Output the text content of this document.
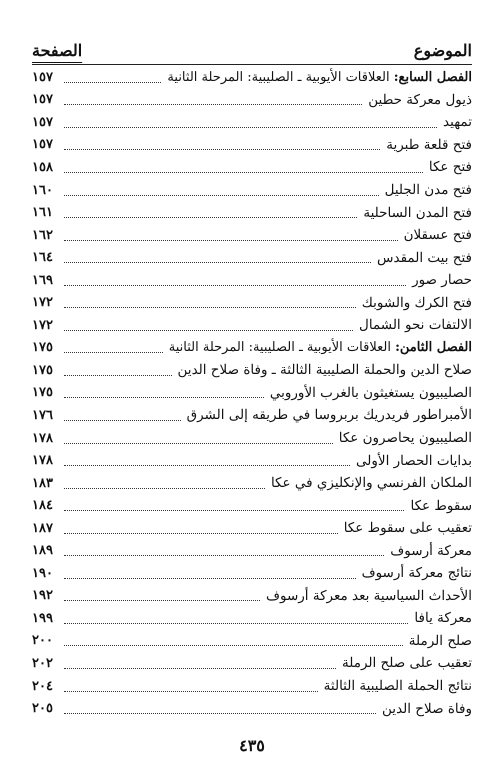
الموضوع
الصفحة
الفصل السابع: العلاقات الأيوبية ـ الصليبية: المرحلة الثانية
١٥٧
ذيول معركة حطين
١٥٧
تمهيد
١٥٧
فتح قلعة طبرية
١٥٧
فتح عكا
١٥٨
فتح مدن الجليل
١٦٠
فتح المدن الساحلية
١٦١
فتح عسقلان
١٦٢
فتح بيت المقدس
١٦٤
حصار صور
١٦٩
فتح الكرك والشوبك
١٧٢
الالتفات نحو الشمال
١٧٢
الفصل الثامن: العلاقات الأيوبية ـ الصليبية: المرحلة الثانية
١٧٥
صلاح الدين والحملة الصليبية الثالثة ـ وفاة صلاح الدين
١٧٥
الصليبيون يستغيثون بالغرب الأوروبي
١٧٥
الأمبراطور فريدريك بربروسا في طريقه إلى الشرق
١٧٦
الصليبيون يحاصرون عكا
١٧٨
بدايات الحصار الأولى
١٧٨
الملكان الفرنسي والإنكليزي في عكا
١٨٣
سقوط عكا
١٨٤
تعقيب على سقوط عكا
١٨٧
معركة أرسوف
١٨٩
نتائج معركة أرسوف
١٩٠
الأحداث السياسية بعد معركة أرسوف
١٩٢
معركة يافا
١٩٩
صلح الرملة
٢٠٠
تعقيب على صلح الرملة
٢٠٢
نتائج الحملة الصليبية الثالثة
٢٠٤
وفاة صلاح الدين
٢٠٥
٤٣٥
